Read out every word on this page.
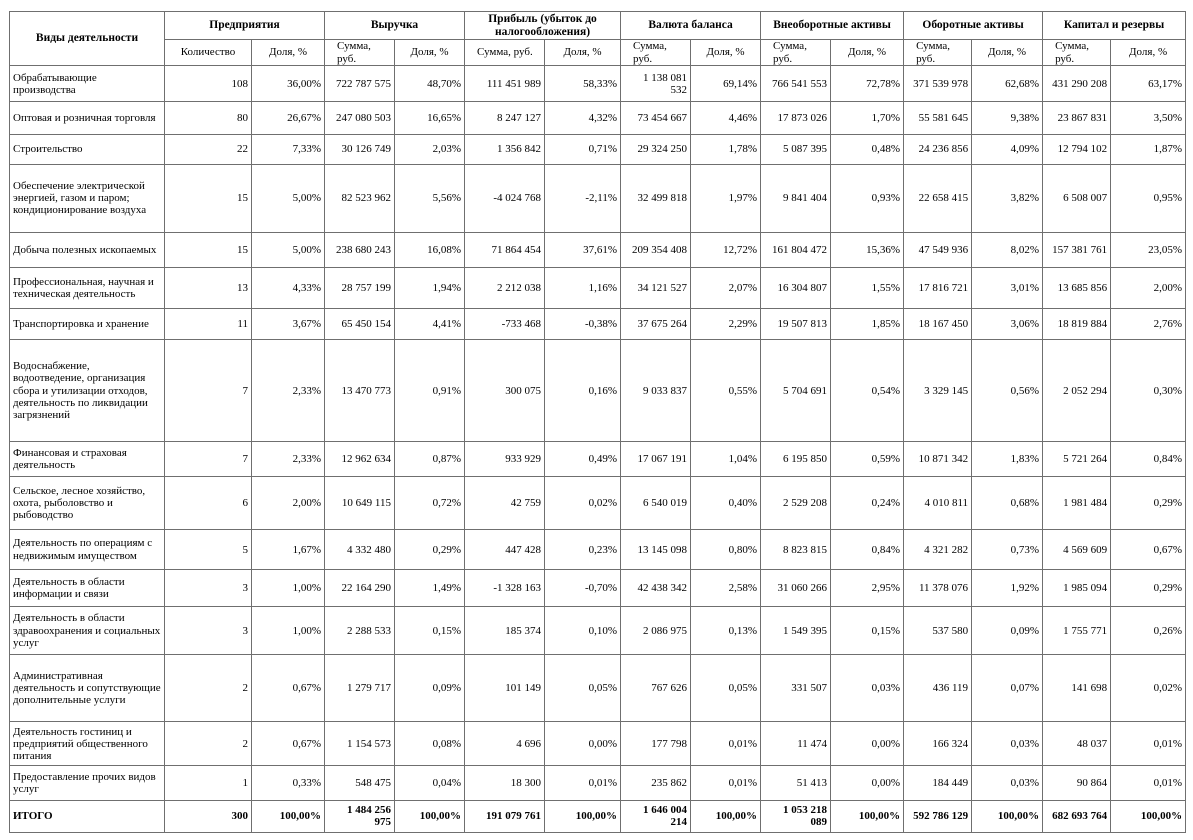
Виды деятельности	Предприятия		Выручка		Прибыль (убыток до налогообложения)		Валюта баланса		Внеоборотные активы		Оборотные активы		Капитал и резервы	
	Количество	Доля, %	Сумма, руб.	Доля, %	Сумма, руб.	Доля, %	Сумма, руб.	Доля, %	Сумма, руб.	Доля, %	Сумма, руб.	Доля, %	Сумма, руб.	Доля, %
Обрабатывающие производства	108	36,00%	722 787 575	48,70%	111 451 989	58,33%	1 138 081 532	69,14%	766 541 553	72,78%	371 539 978	62,68%	431 290 208	63,17%
Оптовая и розничная торговля	80	26,67%	247 080 503	16,65%	8 247 127	4,32%	73 454 667	4,46%	17 873 026	1,70%	55 581 645	9,38%	23 867 831	3,50%
Строительство	22	7,33%	30 126 749	2,03%	1 356 842	0,71%	29 324 250	1,78%	5 087 395	0,48%	24 236 856	4,09%	12 794 102	1,87%
Обеспечение электрической энергией, газом и паром; кондиционирование воздуха	15	5,00%	82 523 962	5,56%	-4 024 768	-2,11%	32 499 818	1,97%	9 841 404	0,93%	22 658 415	3,82%	6 508 007	0,95%
Добыча полезных ископаемых	15	5,00%	238 680 243	16,08%	71 864 454	37,61%	209 354 408	12,72%	161 804 472	15,36%	47 549 936	8,02%	157 381 761	23,05%
Профессиональная, научная и техническая деятельность	13	4,33%	28 757 199	1,94%	2 212 038	1,16%	34 121 527	2,07%	16 304 807	1,55%	17 816 721	3,01%	13 685 856	2,00%
Транспортировка и хранение	11	3,67%	65 450 154	4,41%	-733 468	-0,38%	37 675 264	2,29%	19 507 813	1,85%	18 167 450	3,06%	18 819 884	2,76%
Водоснабжение, водоотведение, организация сбора и утилизации отходов, деятельность по ликвидации загрязнений	7	2,33%	13 470 773	0,91%	300 075	0,16%	9 033 837	0,55%	5 704 691	0,54%	3 329 145	0,56%	2 052 294	0,30%
Финансовая и страховая деятельность	7	2,33%	12 962 634	0,87%	933 929	0,49%	17 067 191	1,04%	6 195 850	0,59%	10 871 342	1,83%	5 721 264	0,84%
Сельское, лесное хозяйство, охота, рыболовство и рыбоводство	6	2,00%	10 649 115	0,72%	42 759	0,02%	6 540 019	0,40%	2 529 208	0,24%	4 010 811	0,68%	1 981 484	0,29%
Деятельность по операциям с недвижимым имуществом	5	1,67%	4 332 480	0,29%	447 428	0,23%	13 145 098	0,80%	8 823 815	0,84%	4 321 282	0,73%	4 569 609	0,67%
Деятельность в области информации и связи	3	1,00%	22 164 290	1,49%	-1 328 163	-0,70%	42 438 342	2,58%	31 060 266	2,95%	11 378 076	1,92%	1 985 094	0,29%
Деятельность в области здравоохранения и социальных услуг	3	1,00%	2 288 533	0,15%	185 374	0,10%	2 086 975	0,13%	1 549 395	0,15%	537 580	0,09%	1 755 771	0,26%
Административная деятельность и сопутствующие дополнительные услуги	2	0,67%	1 279 717	0,09%	101 149	0,05%	767 626	0,05%	331 507	0,03%	436 119	0,07%	141 698	0,02%
Деятельность гостиниц и предприятий общественного питания	2	0,67%	1 154 573	0,08%	4 696	0,00%	177 798	0,01%	11 474	0,00%	166 324	0,03%	48 037	0,01%
Предоставление прочих видов услуг	1	0,33%	548 475	0,04%	18 300	0,01%	235 862	0,01%	51 413	0,00%	184 449	0,03%	90 864	0,01%
ИТОГО	300	100,00%	1 484 256 975	100,00%	191 079 761	100,00%	1 646 004 214	100,00%	1 053 218 089	100,00%	592 786 129	100,00%	682 693 764	100,00%
